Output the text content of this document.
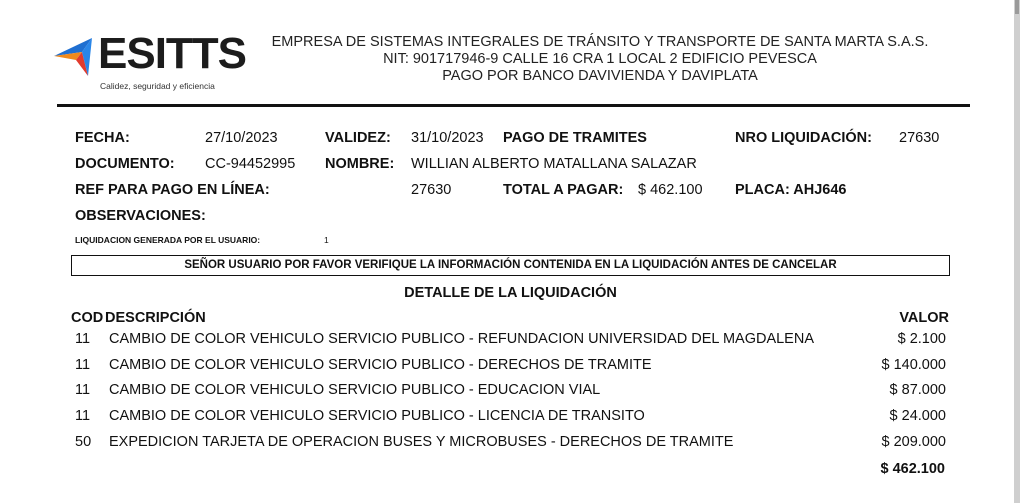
ESITTS
Calidez, seguridad y eficiencia
EMPRESA DE SISTEMAS INTEGRALES DE TRÁNSITO Y TRANSPORTE DE SANTA MARTA S.A.S.
NIT: 901717946-9 CALLE 16 CRA 1 LOCAL 2 EDIFICIO PEVESCA
PAGO POR BANCO DAVIVIENDA Y DAVIPLATA
FECHA:	27/10/2023	VALIDEZ: 31/10/2023 PAGO DE TRAMITES	NRO LIQUIDACIÓN: 27630
DOCUMENTO: CC-94452995 NOMBRE: WILLIAN ALBERTO MATALLANA SALAZAR
REF PARA PAGO EN LÍNEA:	27630	TOTAL A PAGAR: $ 462.100 PLACA: AHJ646
OBSERVACIONES:
LIQUIDACION GENERADA POR EL USUARIO:	1
SEÑOR USUARIO POR FAVOR VERIFIQUE LA INFORMACIÓN CONTENIDA EN LA LIQUIDACIÓN ANTES DE CANCELAR
DETALLE DE LA LIQUIDACIÓN
COD DESCRIPCIÓN	VALOR
11 CAMBIO DE COLOR VEHICULO SERVICIO PUBLICO - REFUNDACION UNIVERSIDAD DEL MAGDALENA	$ 2.100
11 CAMBIO DE COLOR VEHICULO SERVICIO PUBLICO - DERECHOS DE TRAMITE	$ 140.000
11 CAMBIO DE COLOR VEHICULO SERVICIO PUBLICO - EDUCACION VIAL	$ 87.000
11 CAMBIO DE COLOR VEHICULO SERVICIO PUBLICO - LICENCIA DE TRANSITO	$ 24.000
50 EXPEDICION TARJETA DE OPERACION BUSES Y MICROBUSES - DERECHOS DE TRAMITE	$ 209.000
$ 462.100
